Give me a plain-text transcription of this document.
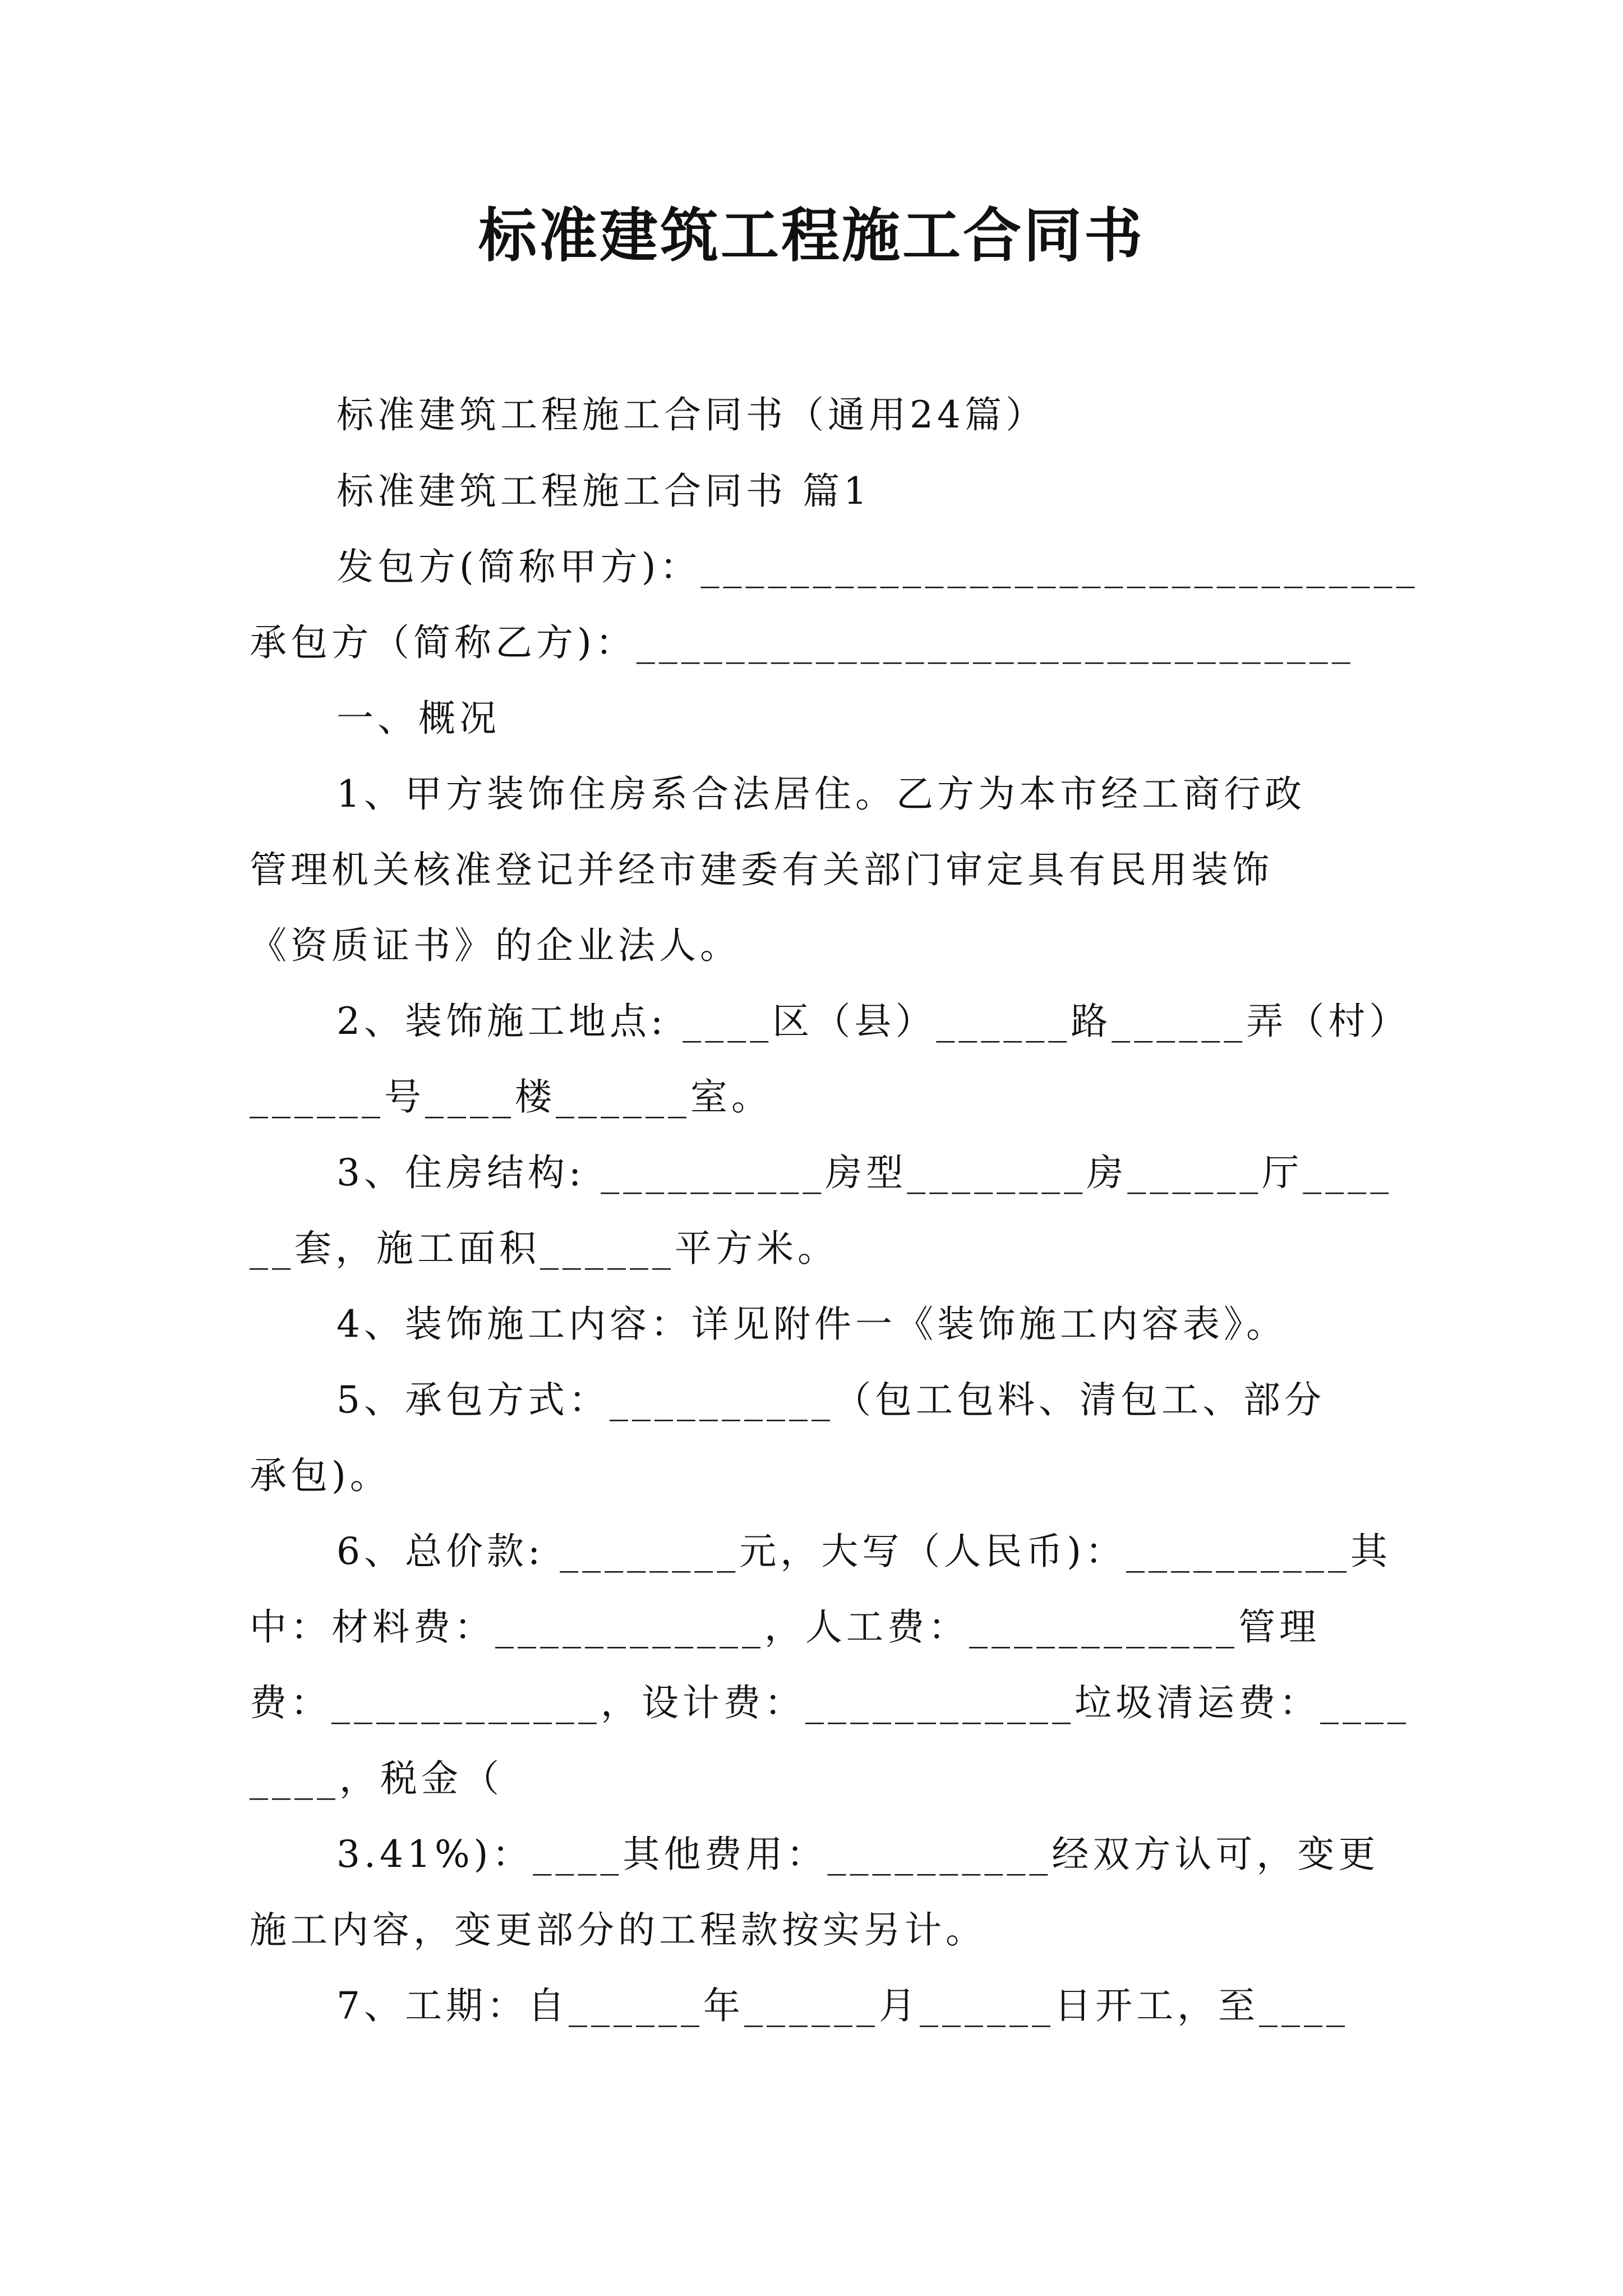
标准建筑工程施工合同书
标准建筑工程施工合同书（通用24篇）
标准建筑工程施工合同书 篇1
发包方(简称甲方)：________________________________
承包方（简称乙方)：________________________________
一、概况
1、甲方装饰住房系合法居住。乙方为本市经工商行政
管理机关核准登记并经市建委有关部门审定具有民用装饰
《资质证书》的企业法人。
2、装饰施工地点: ____区（县）______路______弄（村）
______号____楼______室。
3、住房结构: __________房型________房______厅____
__套，施工面积______平方米。
4、装饰施工内容：详见附件一《装饰施工内容表》。
5、承包方式：__________（包工包料、清包工、部分
承包)。
6、总价款: ________元，大写（人民币)：__________其
中：材料费：____________，人工费：____________管理
费：____________，设计费：____________垃圾清运费：____
____，税金（
3.41%)：____其他费用：__________经双方认可，变更
施工内容，变更部分的工程款按实另计。
7、工期：自______年______月______日开工，至____
